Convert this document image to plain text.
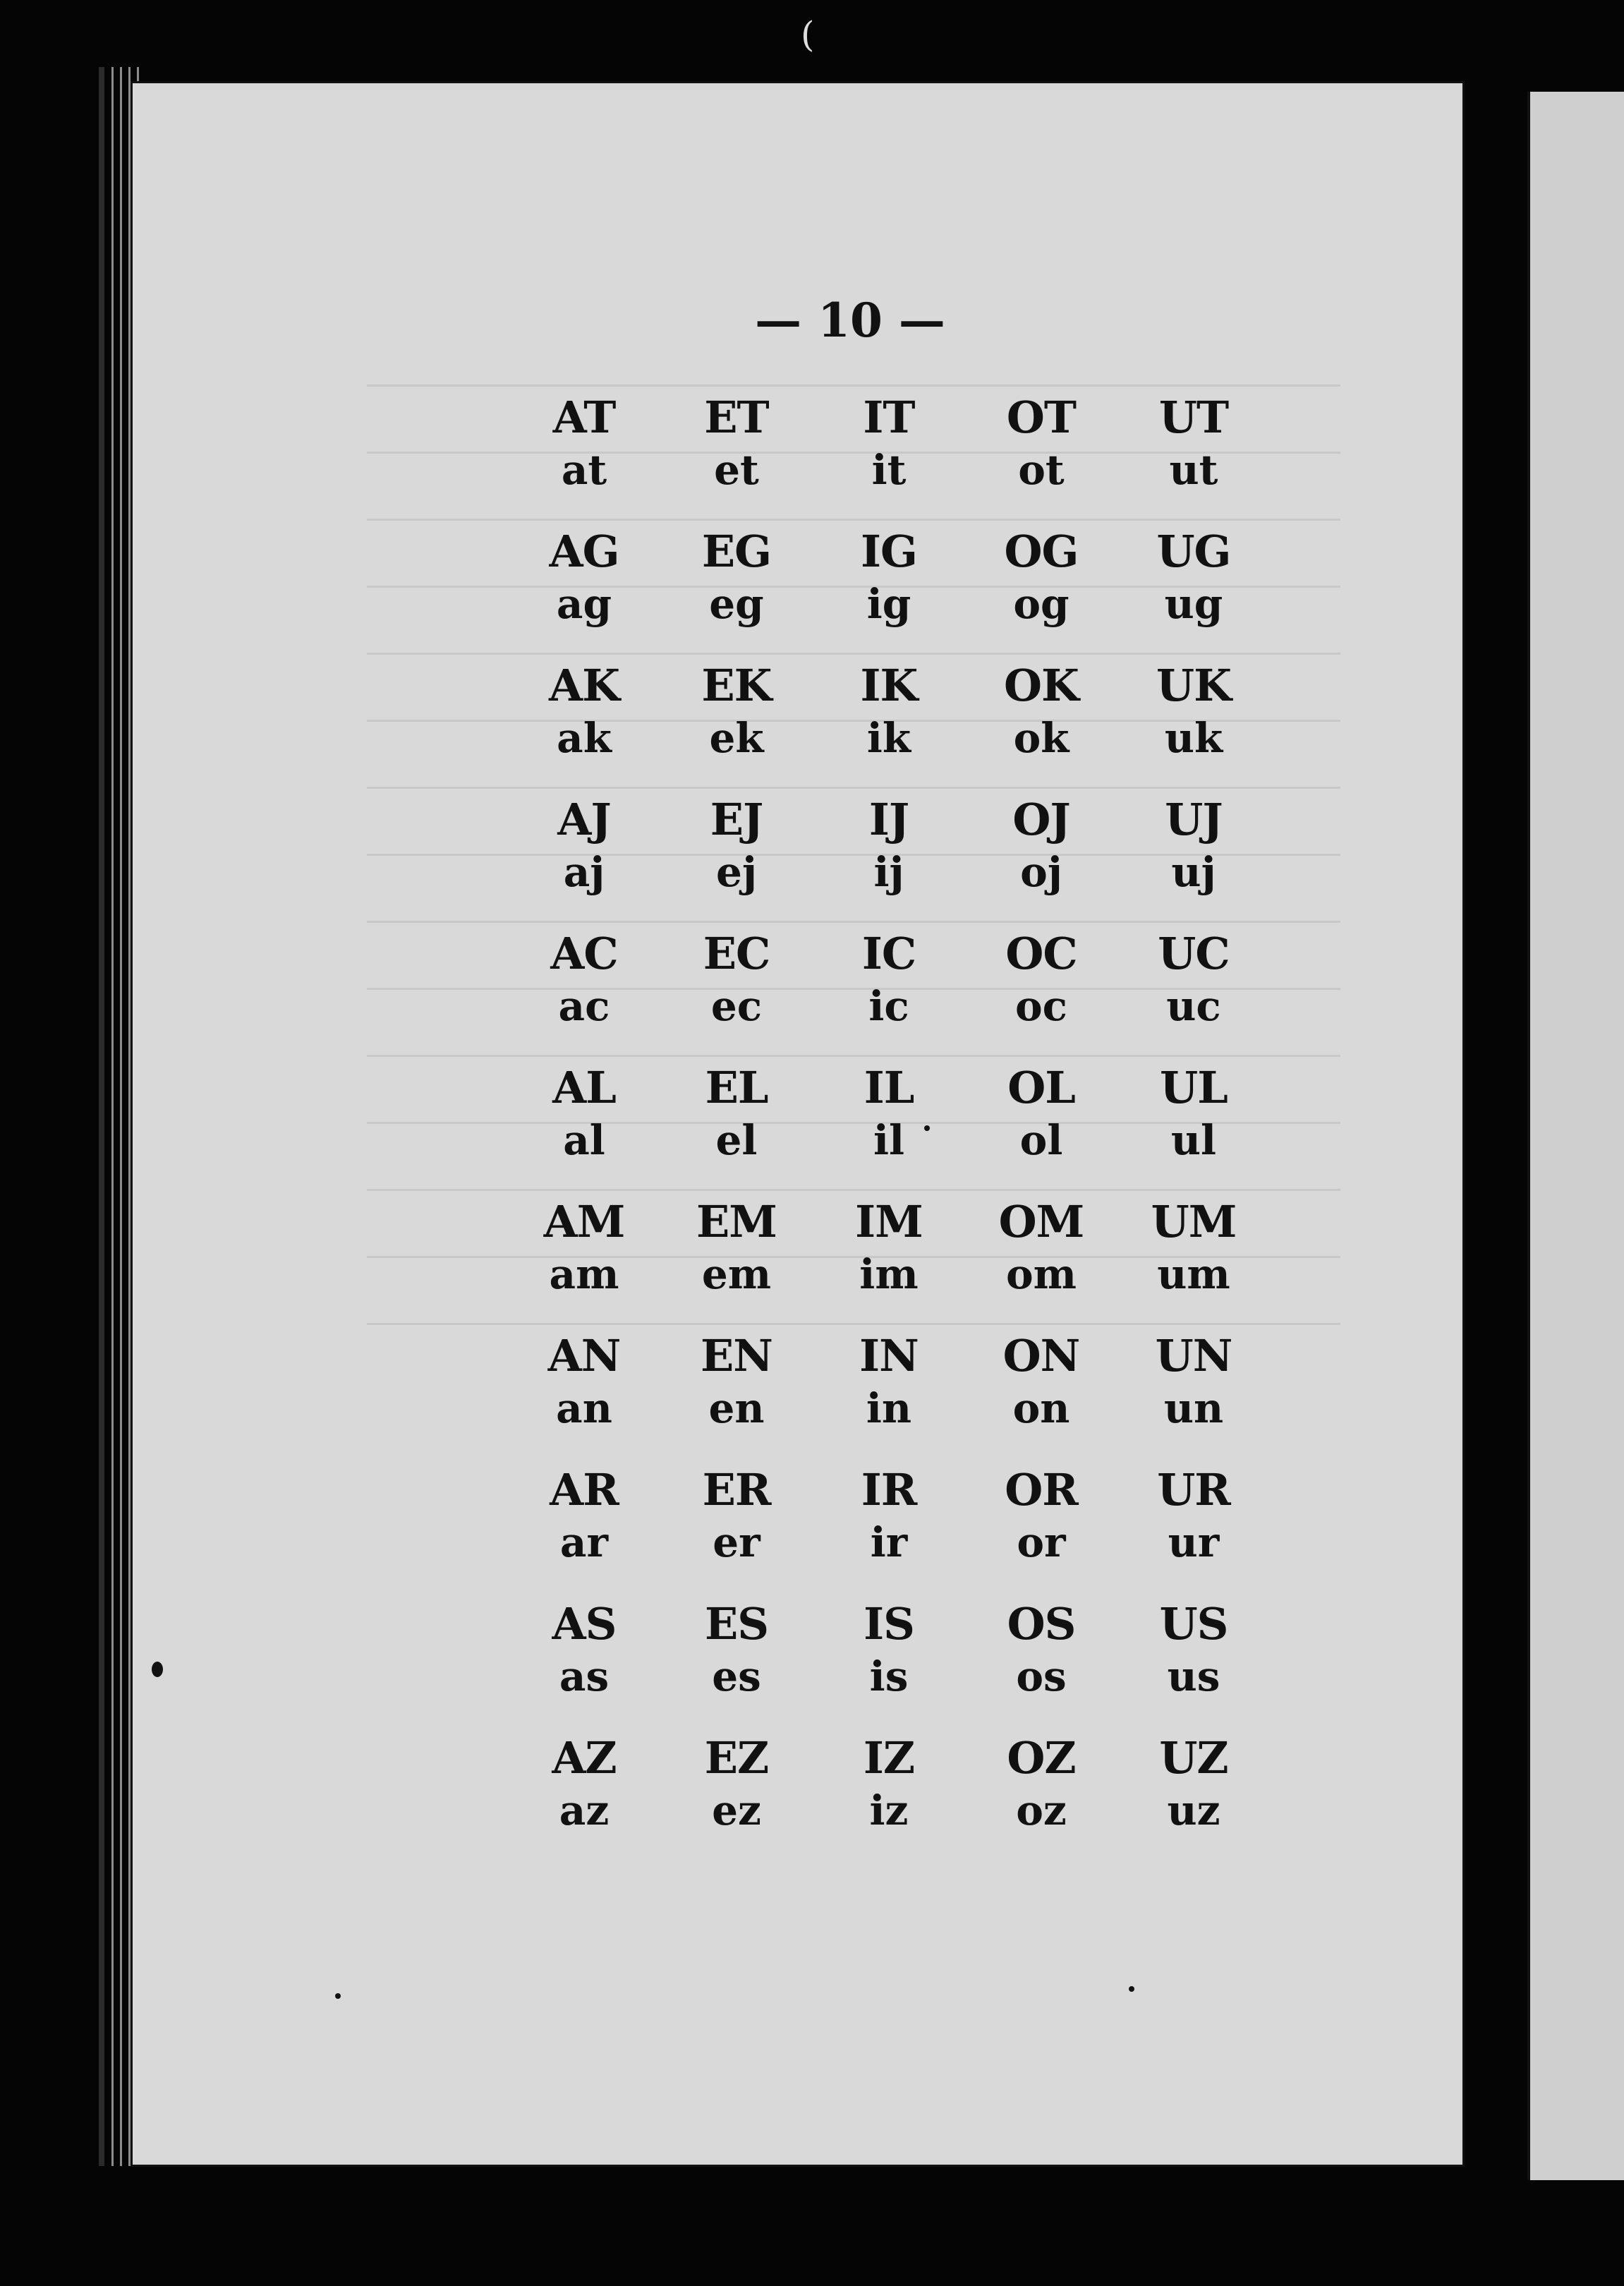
(
— 10 —
AT
at
ET
et
IT
it
OT
ot
UT
ut
AG
ag
EG
eg
IG
ig
OG
og
UG
ug
AK
ak
EK
ek
IK
ik
OK
ok
UK
uk
AJ
aj
EJ
ej
IJ
ij
OJ
oj
UJ
uj
AC
ac
EC
ec
IC
ic
OC
oc
UC
uc
AL
al
EL
el
IL
il
OL
ol
UL
ul
AM
am
EM
em
IM
im
OM
om
UM
um
AN
an
EN
en
IN
in
ON
on
UN
un
AR
ar
ER
er
IR
ir
OR
or
UR
ur
AS
as
ES
es
IS
is
OS
os
US
us
AZ
az
EZ
ez
IZ
iz
OZ
oz
UZ
uz
